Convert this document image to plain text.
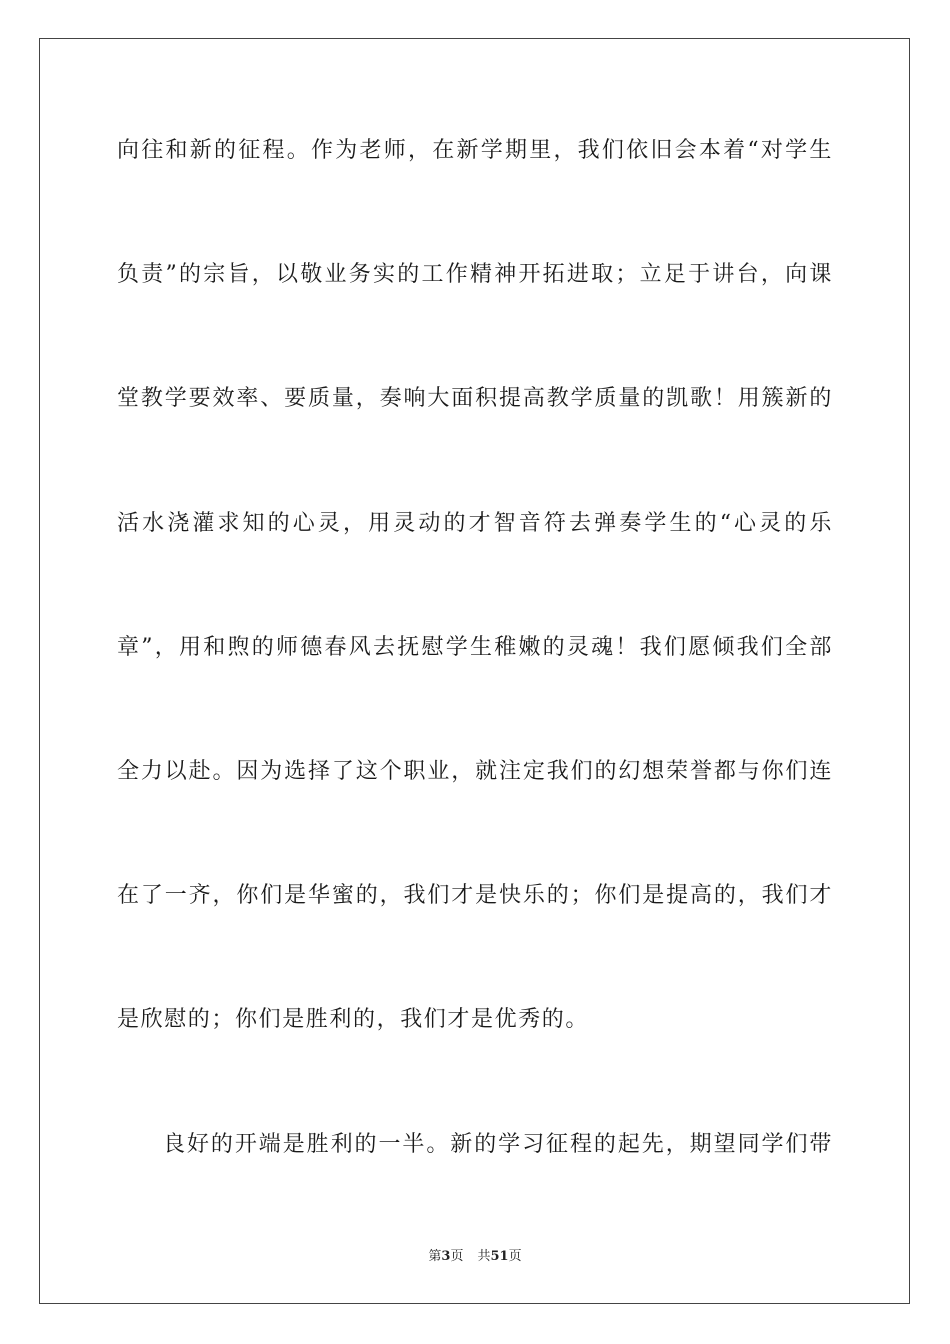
向往和新的征程。作为老师，在新学期里，我们依旧会本着“对学生
负责”的宗旨，以敬业务实的工作精神开拓进取；立足于讲台，向课
堂教学要效率、要质量，奏响大面积提高教学质量的凯歌！用簇新的
活水浇灌求知的心灵，用灵动的才智音符去弹奏学生的“心灵的乐
章”，用和煦的师德春风去抚慰学生稚嫩的灵魂！我们愿倾我们全部
全力以赴。因为选择了这个职业，就注定我们的幻想荣誉都与你们连
在了一齐，你们是华蜜的，我们才是快乐的；你们是提高的，我们才
是欣慰的；你们是胜利的，我们才是优秀的。
良好的开端是胜利的一半。新的学习征程的起先，期望同学们带
第3页 共51页
